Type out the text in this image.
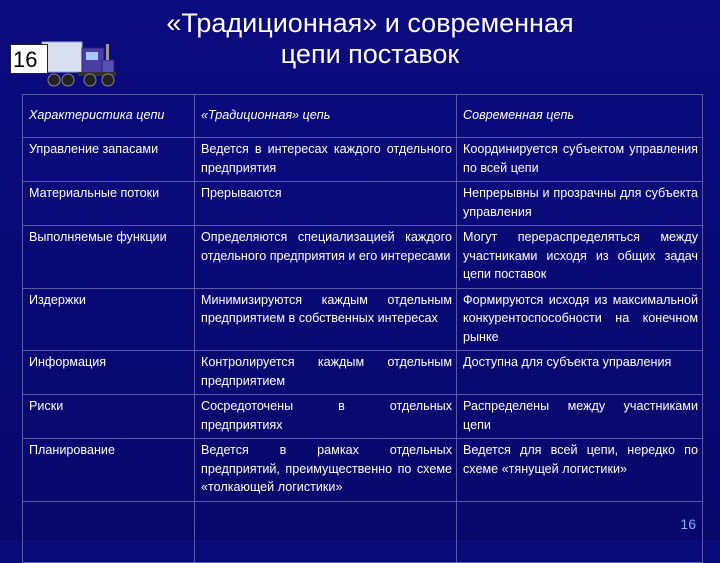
16
«Традиционная» и современная
цепи поставок
Характеристика цепи	«Традиционная» цепь	Современная цепь
Управление запасами	Ведется в интересах каждого отдельного предприятия	Координируется субъектом управления по всей цепи
Материальные потоки	Прерываются	Непрерывны и прозрачны для субъекта управления
Выполняемые функции	Определяются специализацией каждого отдельного предприятия и его интересами	Могут перераспределяться между участниками исходя из общих задач цепи поставок
Издержки	Минимизируются каждым отдельным предприятием в собственных интересах	Формируются исходя из максимальной конкурентоспособности на конечном рынке
Информация	Контролируется каждым отдельным предприятием	Доступна для субъекта управления
Риски	Сосредоточены в отдельных предприятиях	Распределены между участниками цепи
Планирование	Ведется в рамках отдельных предприятий, преимущественно по схеме «толкающей логистики»	Ведется для всей цепи, нередко по схеме «тянущей логистики»

16
